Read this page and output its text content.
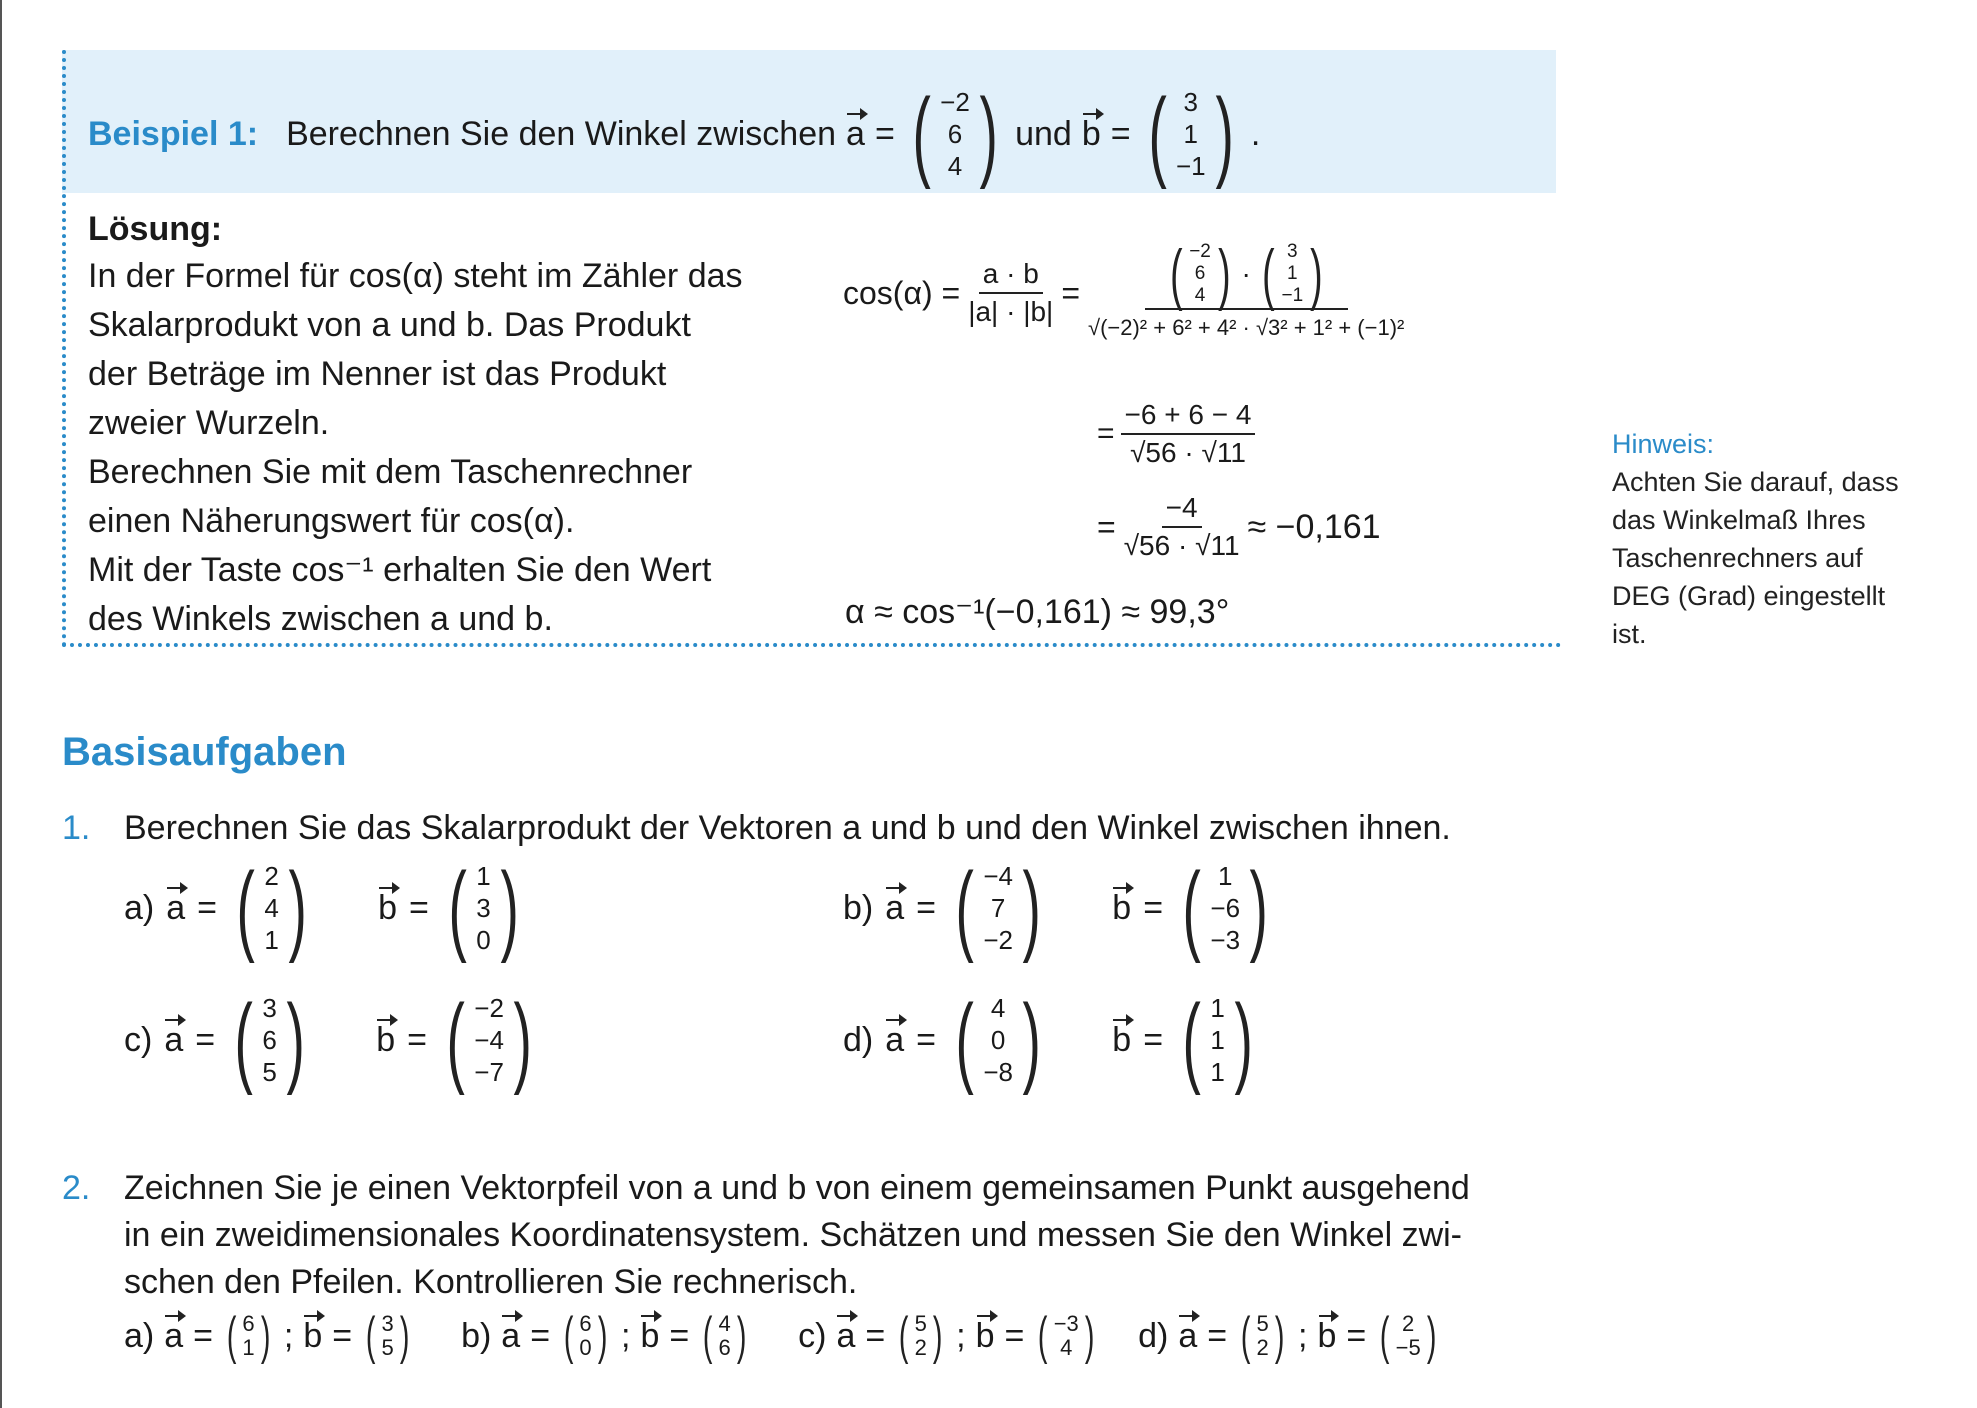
Beispiel 1: Berechnen Sie den Winkel zwischen a = ( −2
6
4 ) und b = ( 3
1
−1 ) .
Lösung:
In der Formel für cos(α) steht im Zähler das
Skalarprodukt von a und b. Das Produkt
der Beträge im Nenner ist das Produkt
zweier Wurzeln.
Berechnen Sie mit dem Taschenrechner
einen Näherungswert für cos(α).
Mit der Taste cos⁻¹ erhalten Sie den Wert
des Winkels zwischen a und b.
$\cos(\alpha) = \frac{a \cdot b}{|a| \cdot |b|}$ = ( −2
6
4 ) · ( 3
1
−1 )
√(−2)² + 6² + 4² · √3² + 1² + (−1)²
= $\frac{-6 + 6 - 4}{√56 \cdot √11}$
= $\frac{-4}{√56 \cdot √11} \approx -0,161$
α ≈ cos⁻¹(−0,161) ≈ 99,3°
Hinweis:
Achten Sie darauf, dass
das Winkelmaß Ihres
Taschenrechners auf
DEG (Grad) eingestellt
ist.
Basisaufgaben
1. Berechnen Sie das Skalarprodukt der Vektoren a und b und den Winkel zwischen ihnen.
a) a = ( 2
4
1 ) b = ( 1
3
0 )	b) a = ( −4
7
−2 ) b = ( 1
−6
−3 )
c) a = ( 3
6
5 ) b = ( −2
−4
−7 )	d) a = ( 4
0
−8 ) b = ( 1
1
1 )
2. Zeichnen Sie je einen Vektorpfeil von a und b von einem gemeinsamen Punkt ausgehend
in ein zweidimensionales Koordinatensystem. Schätzen und messen Sie den Winkel zwi-
schen den Pfeilen. Kontrollieren Sie rechnerisch.
a) a = ( 6
1 ) ; b = ( 3
5 ) b) a = ( 6
0 ) ; b = ( 4
6 ) c) a = ( 5
2 ) ; b = ( −3
4 ) d) a = ( 5
2 ) ; b = ( 2
−5 )
